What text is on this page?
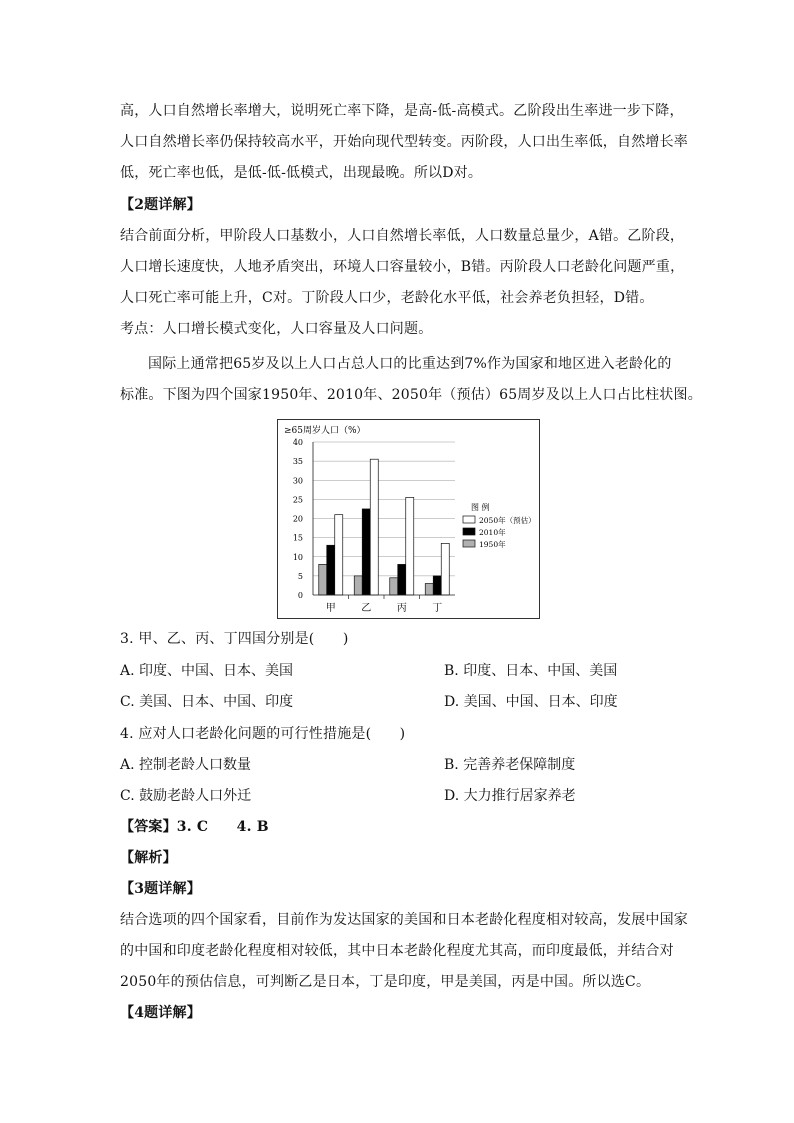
高，人口自然增长率增大，说明死亡率下降，是高-低-高模式。乙阶段出生率进一步下降，
人口自然增长率仍保持较高水平，开始向现代型转变。丙阶段，人口出生率低，自然增长率
低，死亡率也低，是低-低-低模式，出现最晚。所以D对。
【2题详解】
结合前面分析，甲阶段人口基数小，人口自然增长率低，人口数量总量少，A错。乙阶段，
人口增长速度快，人地矛盾突出，环境人口容量较小，B错。丙阶段人口老龄化问题严重，
人口死亡率可能上升，C对。丁阶段人口少，老龄化水平低，社会养老负担轻，D错。
考点：人口增长模式变化，人口容量及人口问题。
国际上通常把65岁及以上人口占总人口的比重达到7%作为国家和地区进入老龄化的
标准。下图为四个国家1950年、2010年、2050年（预估）65周岁及以上人口占比柱状图。
≥65周岁人口（%）
0
5
10
15
20
25
30
35
40
甲	乙	丙	丁
图 例
2050年（预估）
2010年
1950年
3. 甲、乙、丙、丁四国分别是(　　)
A. 印度、中国、日本、美国	B. 印度、日本、中国、美国
C. 美国、日本、中国、印度	D. 美国、中国、日本、印度
4. 应对人口老龄化问题的可行性措施是(　　)
A. 控制老龄人口数量	B. 完善养老保障制度
C. 鼓励老龄人口外迁	D. 大力推行居家养老
【答案】3. C　　4. B
【解析】
【3题详解】
结合选项的四个国家看，目前作为发达国家的美国和日本老龄化程度相对较高，发展中国家
的中国和印度老龄化程度相对较低，其中日本老龄化程度尤其高，而印度最低，并结合对
2050年的预估信息，可判断乙是日本，丁是印度，甲是美国，丙是中国。所以选C。
【4题详解】
